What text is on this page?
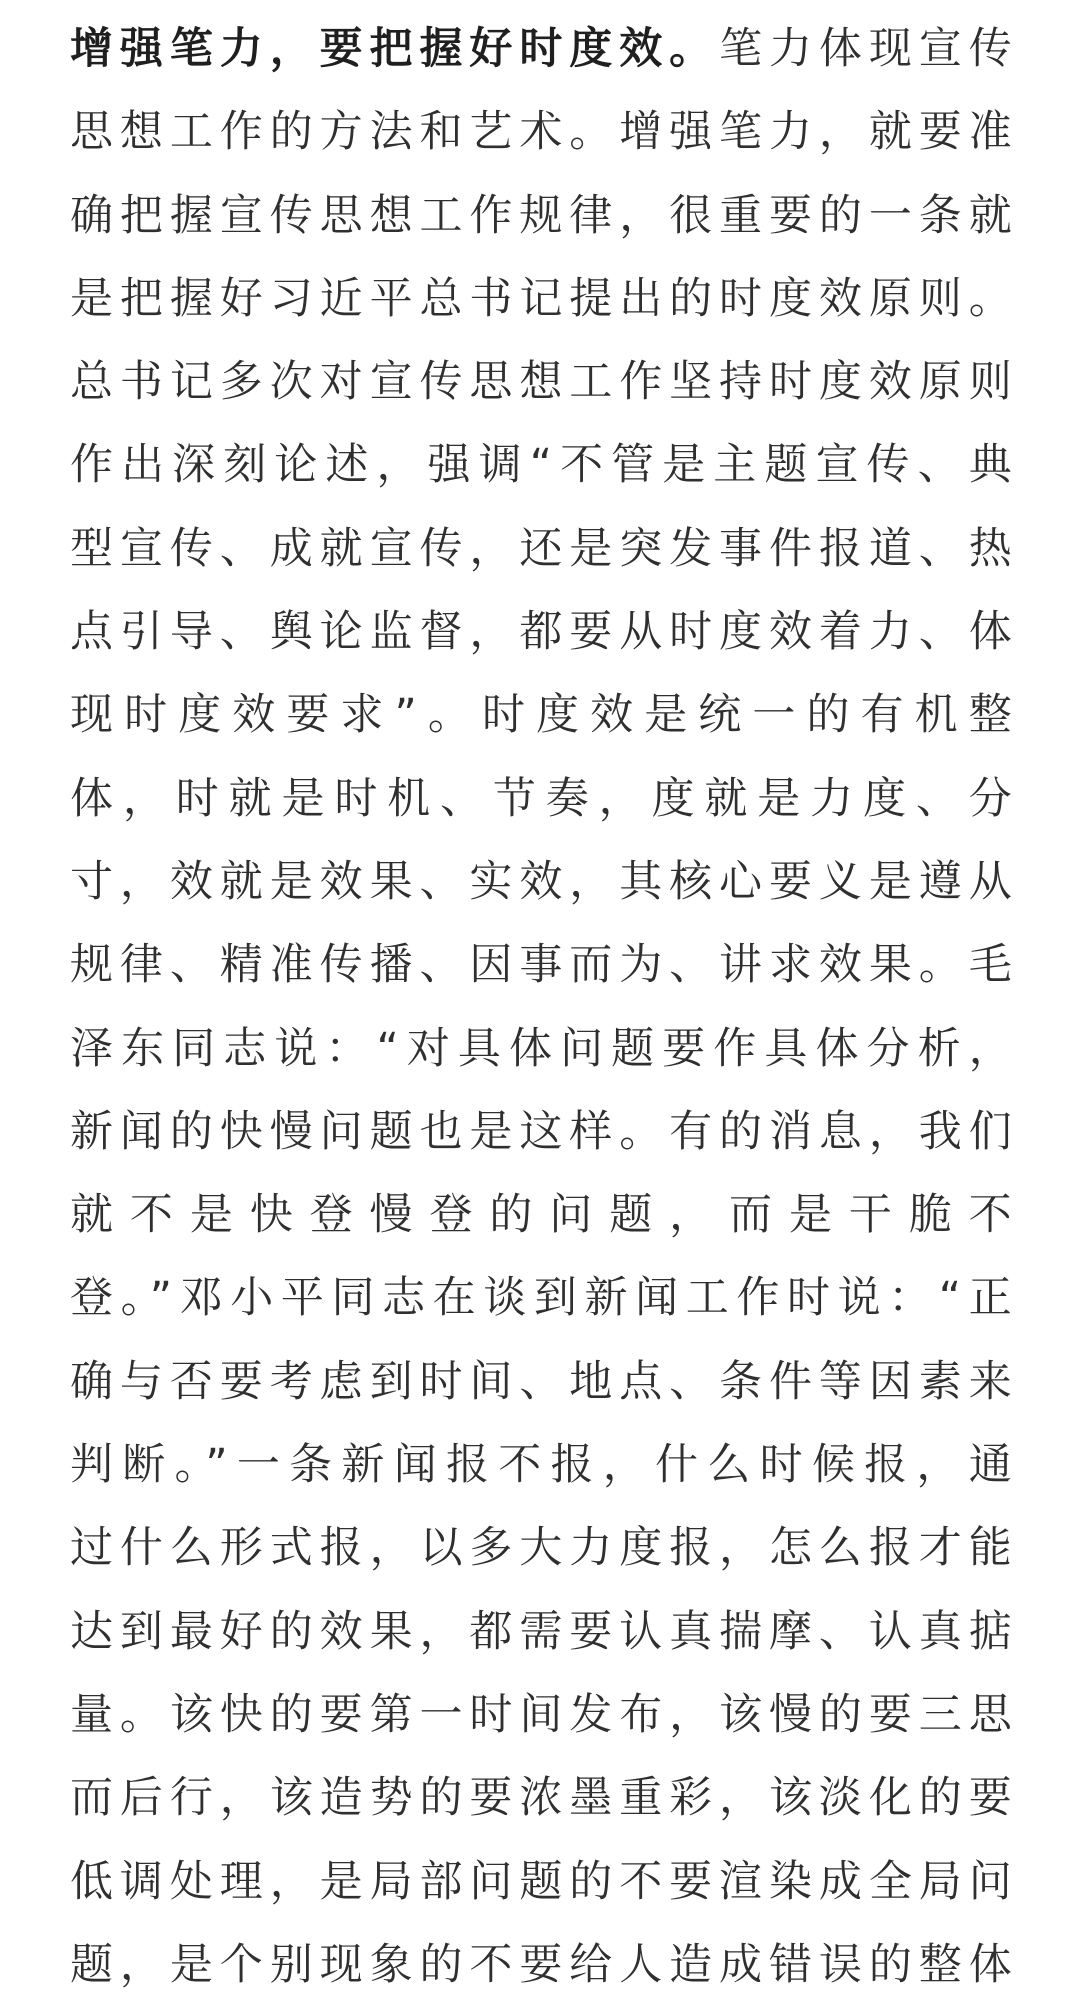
增强笔力，要把握好时度效。笔力体现宣传
思想工作的方法和艺术。增强笔力，就要准
确把握宣传思想工作规律，很重要的一条就
是把握好习近平总书记提出的时度效原则。
总书记多次对宣传思想工作坚持时度效原则
作出深刻论述，强调“不管是主题宣传、典
型宣传、成就宣传，还是突发事件报道、热
点引导、舆论监督，都要从时度效着力、体
现时度效要求”。时度效是统一的有机整
体，时就是时机、节奏，度就是力度、分
寸，效就是效果、实效，其核心要义是遵从
规律、精准传播、因事而为、讲求效果。毛
泽东同志说：“对具体问题要作具体分析，
新闻的快慢问题也是这样。有的消息，我们
就不是快登慢登的问题，而是干脆不
登。”邓小平同志在谈到新闻工作时说：“正
确与否要考虑到时间、地点、条件等因素来
判断。”一条新闻报不报，什么时候报，通
过什么形式报，以多大力度报，怎么报才能
达到最好的效果，都需要认真揣摩、认真掂
量。该快的要第一时间发布，该慢的要三思
而后行，该造势的要浓墨重彩，该淡化的要
低调处理，是局部问题的不要渲染成全局问
题，是个别现象的不要给人造成错误的整体
